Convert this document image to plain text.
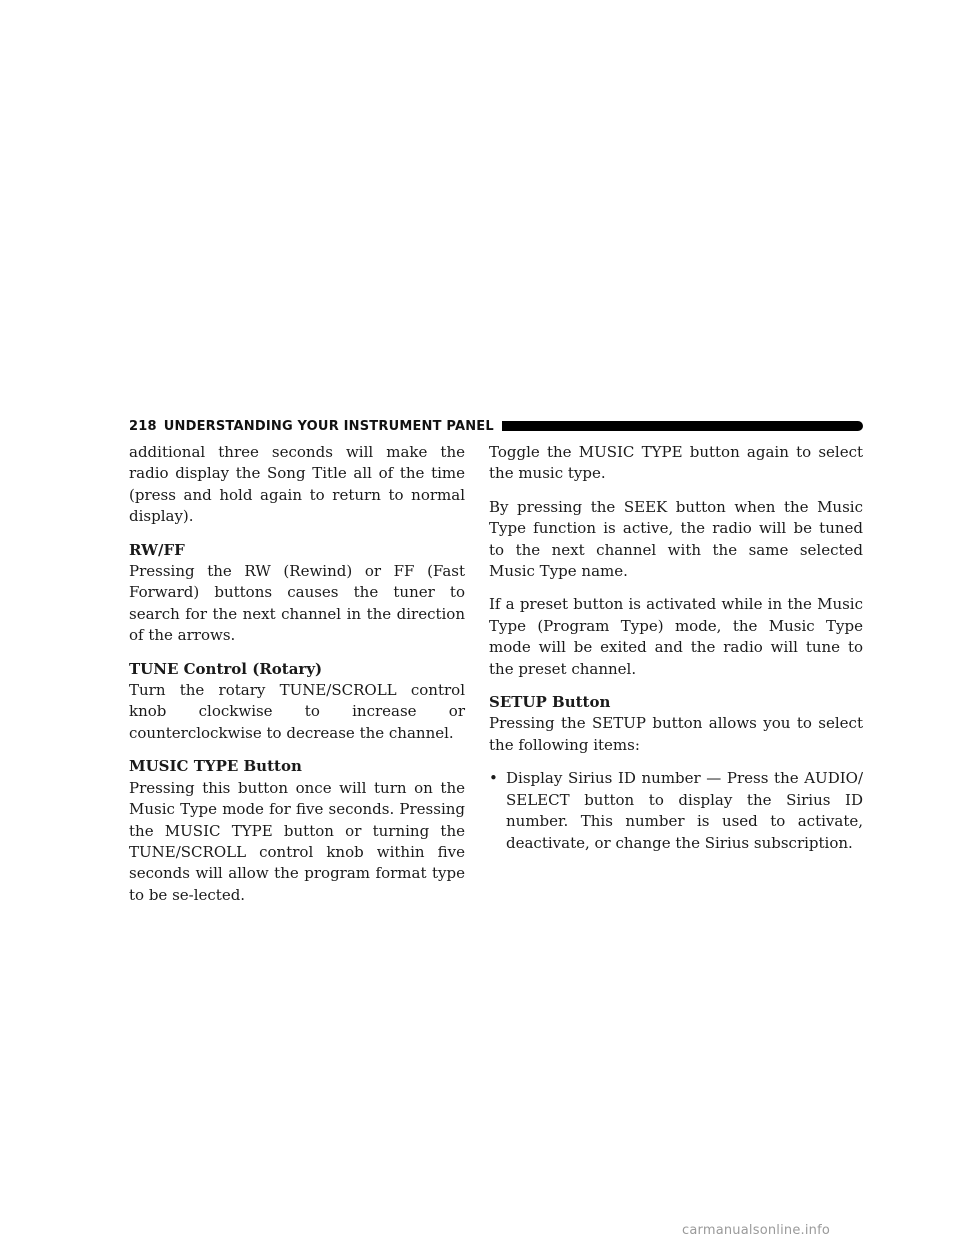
218 UNDERSTANDING YOUR INSTRUMENT PANEL

additional three seconds will make the radio display the Song Title all of the time (press and hold again to return to normal display).

RW/FF

Pressing the RW (Rewind) or FF (Fast Forward) buttons causes the tuner to search for the next channel in the direction of the arrows.

TUNE Control (Rotary)

Turn the rotary TUNE/SCROLL control knob clockwise to increase or counterclockwise to decrease the channel.

MUSIC TYPE Button

Pressing this button once will turn on the Music Type mode for five seconds. Pressing the MUSIC TYPE button or turning the TUNE/SCROLL control knob within five seconds will allow the program format type to be se-lected.

Toggle the MUSIC TYPE button again to select the music type.

By pressing the SEEK button when the Music Type function is active, the radio will be tuned to the next channel with the same selected Music Type name.

If a preset button is activated while in the Music Type (Program Type) mode, the Music Type mode will be exited and the radio will tune to the preset channel.

SETUP Button

Pressing the SETUP button allows you to select the following items:

• Display Sirius ID number — Press the AUDIO/ SELECT button to display the Sirius ID number. This number is used to activate, deactivate, or change the Sirius subscription.
carmanualsonline.info
